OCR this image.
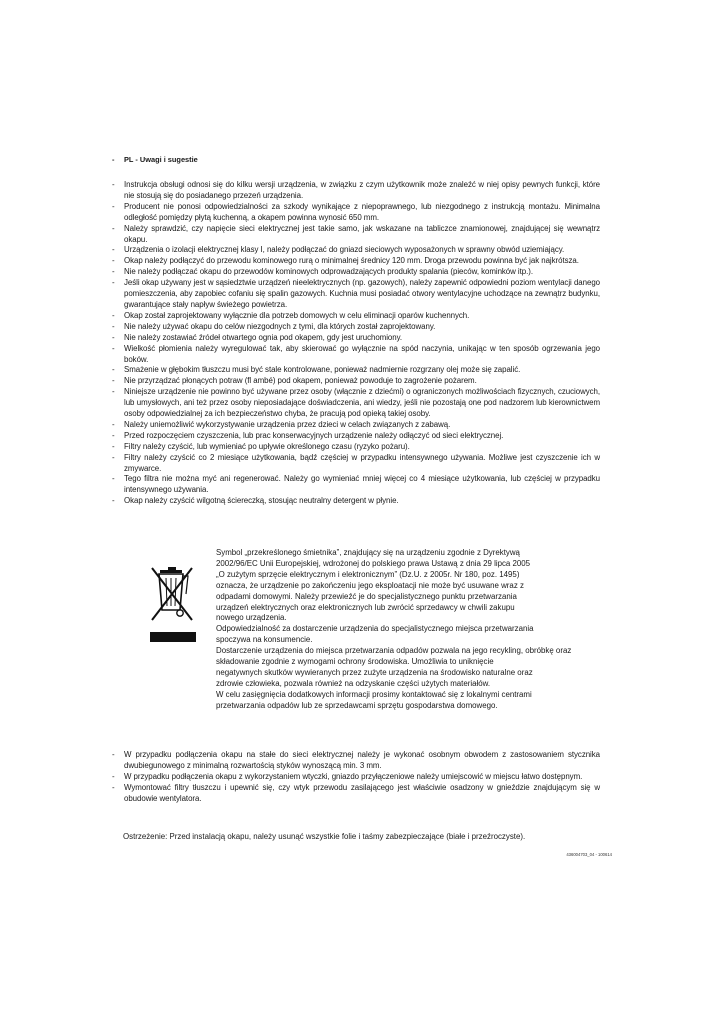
- PL - Uwagi i sugestie
- Instrukcja obsługi odnosi się do kilku wersji urządzenia, w związku z czym użytkownik może znaleźć w niej opisy pewnych funkcji, które nie stosują się do posiadanego przezeń urządzenia.
- Producent nie ponosi odpowiedzialności za szkody wynikające z niepoprawnego, lub niezgodnego z instrukcją montażu. Minimalna odległość pomiędzy płytą kuchenną, a okapem powinna wynosić 650 mm.
- Należy sprawdzić, czy napięcie sieci elektrycznej jest takie samo, jak wskazane na tabliczce znamionowej, znajdującej się wewnątrz okapu.
- Urządzenia o izolacji elektrycznej klasy I, należy podłączać do gniazd sieciowych wyposażonych w sprawny obwód uziemiający.
- Okap należy podłączyć do przewodu kominowego rurą o minimalnej średnicy 120 mm. Droga przewodu powinna być jak najkrótsza.
- Nie należy podłączać okapu do przewodów kominowych odprowadzających produkty spalania (pieców, kominków itp.).
- Jeśli okap używany jest w sąsiedztwie urządzeń nieelektrycznych (np. gazowych), należy zapewnić odpowiedni poziom wentylacji danego pomieszczenia, aby zapobiec cofaniu się spalin gazowych. Kuchnia musi posiadać otwory wentylacyjne uchodzące na zewnątrz budynku, gwarantujące stały napływ świeżego powietrza.
- Okap został zaprojektowany wyłącznie dla potrzeb domowych w celu eliminacji oparów kuchennych.
- Nie należy używać okapu do celów niezgodnych z tymi, dla których został zaprojektowany.
- Nie należy zostawiać źródeł otwartego ognia pod okapem, gdy jest uruchomiony.
- Wielkość płomienia należy wyregulować tak, aby skierować go wyłącznie na spód naczynia, unikając w ten sposób ogrzewania jego boków.
- Smażenie w głębokim tłuszczu musi być stale kontrolowane, ponieważ nadmiernie rozgrzany olej może się zapalić.
- Nie przyrządzać płonących potraw (fl ambé) pod okapem, ponieważ powoduje to zagrożenie pożarem.
- Niniejsze urządzenie nie powinno być używane przez osoby (włącznie z dziećmi) o ograniczonych możliwościach fizycznych, czuciowych, lub umysłowych, ani też przez osoby nieposiadające doświadczenia, ani wiedzy, jeśli nie pozostają one pod nadzorem lub kierownictwem osoby odpowiedzialnej za ich bezpieczeństwo chyba, że pracują pod opieką takiej osoby.
- Należy uniemożliwić wykorzystywanie urządzenia przez dzieci w celach związanych z zabawą.
- Przed rozpoczęciem czyszczenia, lub prac konserwacyjnych urządzenie należy odłączyć od sieci elektrycznej.
- Filtry należy czyścić, lub wymieniać po upływie określonego czasu (ryzyko pożaru).
- Filtry należy czyścić co 2 miesiące użytkowania, bądź częściej w przypadku intensywnego używania. Możliwe jest czyszczenie ich w zmywarce.
- Tego filtra nie można myć ani regenerować. Należy go wymieniać mniej więcej co 4 miesiące użytkowania, lub częściej w przypadku intensywnego używania.
- Okap należy czyścić wilgotną ściereczką, stosując neutralny detergent w płynie.
Symbol „przekreślonego śmietnika”, znajdujący się na urządzeniu zgodnie z Dyrektywą
2002/96/EC Unii Europejskiej, wdrożonej do polskiego prawa Ustawą z dnia 29 lipca 2005
„O zużytym sprzęcie elektrycznym i elektronicznym” (Dz.U. z 2005r. Nr 180, poz. 1495)
oznacza, że urządzenie po zakończeniu jego eksploatacji nie może być usuwane wraz z
odpadami domowymi. Należy przewieźć je do specjalistycznego punktu przetwarzania
urządzeń elektrycznych oraz elektronicznych lub zwrócić sprzedawcy w chwili zakupu
nowego urządzenia.
Odpowiedzialność za dostarczenie urządzenia do specjalistycznego miejsca przetwarzania
spoczywa na konsumencie.
Dostarczenie urządzenia do miejsca przetwarzania odpadów pozwala na jego recykling, obróbkę oraz składowanie zgodnie z wymogami ochrony środowiska. Umożliwia to uniknięcie
negatywnych skutków wywieranych przez zużyte urządzenia na środowisko naturalne oraz
zdrowie człowieka, pozwala również na odzyskanie części użytych materiałów.
W celu zasięgnięcia dodatkowych informacji prosimy kontaktować się z lokalnymi centrami
przetwarzania odpadów lub ze sprzedawcami sprzętu gospodarstwa domowego.
- W przypadku podłączenia okapu na stałe do sieci elektrycznej należy je wykonać osobnym obwodem z zastosowaniem stycznika dwubiegunowego z minimalną rozwartością styków wynoszącą min. 3 mm.
- W przypadku podłączenia okapu z wykorzystaniem wtyczki, gniazdo przyłączeniowe należy umiejscowić w miejscu łatwo dostępnym.
- Wymontować filtry tłuszczu i upewnić się, czy wtyk przewodu zasilającego jest właściwie osadzony w gnieździe znajdującym się w obudowie wentylatora.
Ostrzeżenie: Przed instalacją okapu, należy usunąć wszystkie folie i taśmy zabezpieczające (białe i przeźroczyste).
436004703_04 - 100614
